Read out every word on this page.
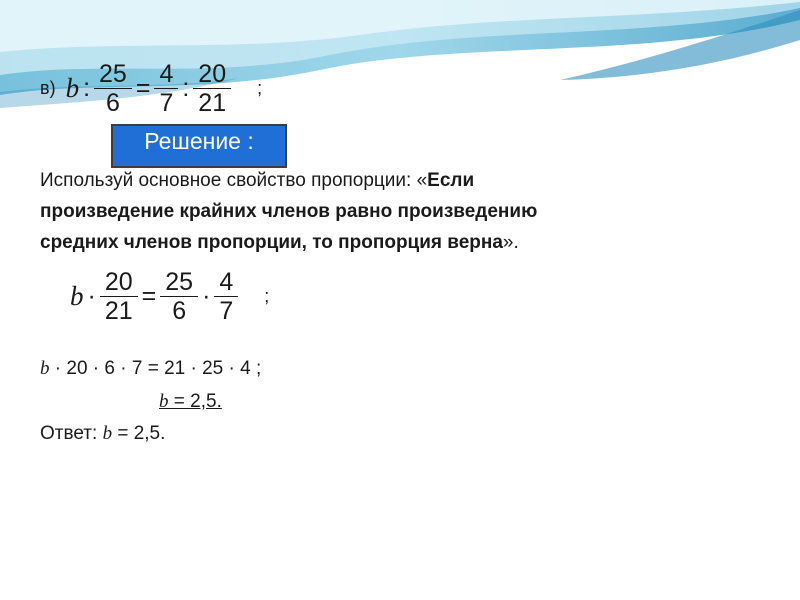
в) b : $\frac{25}{6} = \frac{4}{7}$ : $\frac{20}{21}$ ;
Решение :
Используй основное свойство пропорции: «Если
произведение крайних членов равно произведению
средних членов пропорции, то пропорция верна».
$b \cdot \frac{20}{21} = \frac{25}{6} \cdot \frac{4}{7}$ ;
b · 20 · 6 · 7 = 21 · 25 · 4 ;
b = 2,5.
Ответ: b = 2,5.
